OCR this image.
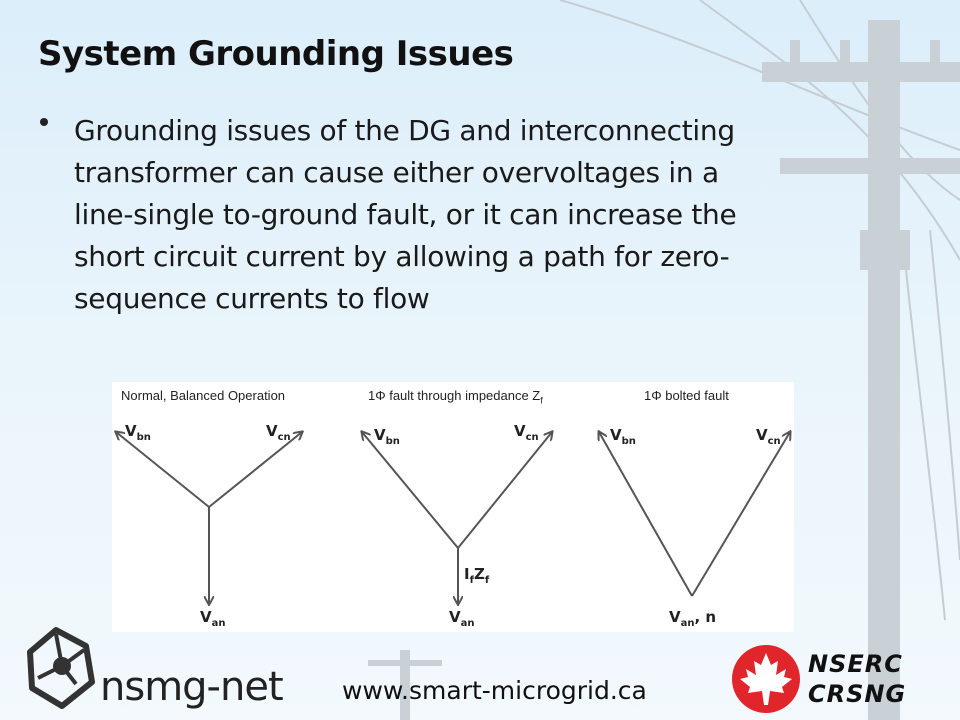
System Grounding Issues

Grounding issues of the DG and interconnecting transformer can cause either overvoltages in a line-single to-ground fault, or it can increase the short circuit current by allowing a path for zero-sequence currents to flow

Normal, Balanced Operation	1Φ fault through impedance $Z_f$	1Φ bolted fault
$V_{bn}$	$V_{cn}$
$V_{an}$
$V_{bn}$
$V_{cn}$
$I_fZ_f$
$V_{an}$
$V_{bn}$	$V_{cn}$
$V_{an}$, n
nsmg-net www.smart-microgrid.ca
NSERC
CRSNG
